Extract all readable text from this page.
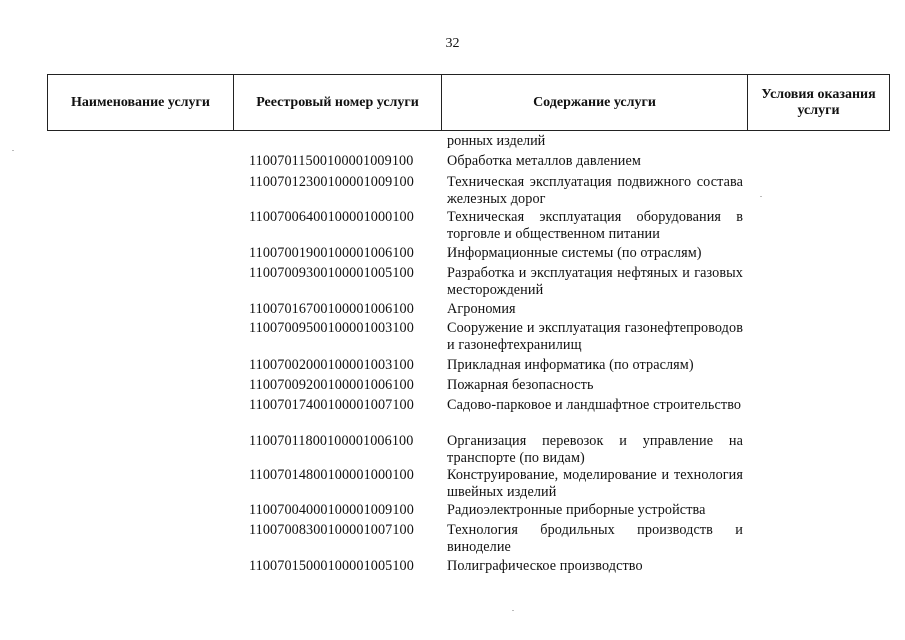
32
Наименование услуги	Реестровый номер услуги	Содержание услуги	Условия оказания услуги
ронных изделий
11007011500100001009100	Обработка металлов давлением
11007012300100001009100	Техническая эксплуатация подвижного состава железных дорог
11007006400100001000100	Техническая эксплуатация оборудования в торговле и общественном питании
11007001900100001006100	Информационные системы (по отраслям)
11007009300100001005100	Разработка и эксплуатация нефтяных и газовых месторождений
11007016700100001006100	Агрономия
11007009500100001003100	Сооружение и эксплуатация газонефтепроводов и газонефтехранилищ
11007002000100001003100	Прикладная информатика (по отраслям)
11007009200100001006100	Пожарная безопасность
11007017400100001007100	Садово-парковое и ландшафтное строительство
11007011800100001006100	Организация перевозок и управление на транспорте (по видам)
11007014800100001000100	Конструирование, моделирование и технология швейных изделий
11007004000100001009100	Радиоэлектронные приборные устройства
11007008300100001007100	Технология бродильных производств и виноделие
11007015000100001005100	Полиграфическое производство
